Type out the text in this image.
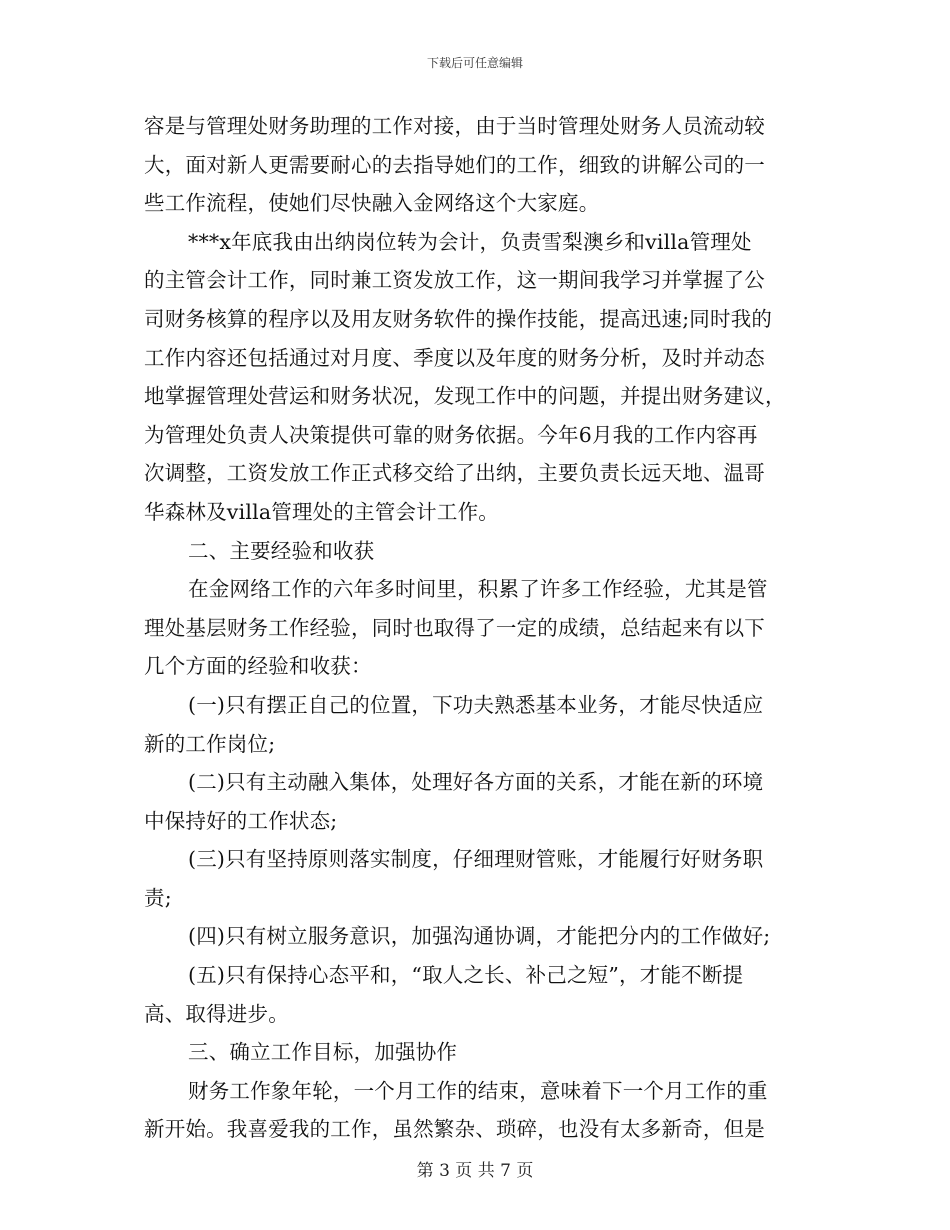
下载后可任意编辑
容是与管理处财务助理的工作对接，由于当时管理处财务人员流动较
大，面对新人更需要耐心的去指导她们的工作，细致的讲解公司的一
些工作流程，使她们尽快融入金网络这个大家庭。
***x年底我由出纳岗位转为会计，负责雪梨澳乡和villa管理处
的主管会计工作，同时兼工资发放工作，这一期间我学习并掌握了公
司财务核算的程序以及用友财务软件的操作技能，提高迅速;同时我的
工作内容还包括通过对月度、季度以及年度的财务分析，及时并动态
地掌握管理处营运和财务状况，发现工作中的问题，并提出财务建议，
为管理处负责人决策提供可靠的财务依据。今年6月我的工作内容再
次调整，工资发放工作正式移交给了出纳，主要负责长远天地、温哥
华森林及villa管理处的主管会计工作。
二、主要经验和收获
在金网络工作的六年多时间里，积累了许多工作经验，尤其是管
理处基层财务工作经验，同时也取得了一定的成绩，总结起来有以下
几个方面的经验和收获：
(一)只有摆正自己的位置，下功夫熟悉基本业务，才能尽快适应
新的工作岗位;
(二)只有主动融入集体，处理好各方面的关系，才能在新的环境
中保持好的工作状态;
(三)只有坚持原则落实制度，仔细理财管账，才能履行好财务职
责;
(四)只有树立服务意识，加强沟通协调，才能把分内的工作做好;
(五)只有保持心态平和，“取人之长、补己之短”，才能不断提
高、取得进步。
三、确立工作目标，加强协作
财务工作象年轮，一个月工作的结束，意味着下一个月工作的重
新开始。我喜爱我的工作，虽然繁杂、琐碎，也没有太多新奇，但是
第 3 页 共 7 页
